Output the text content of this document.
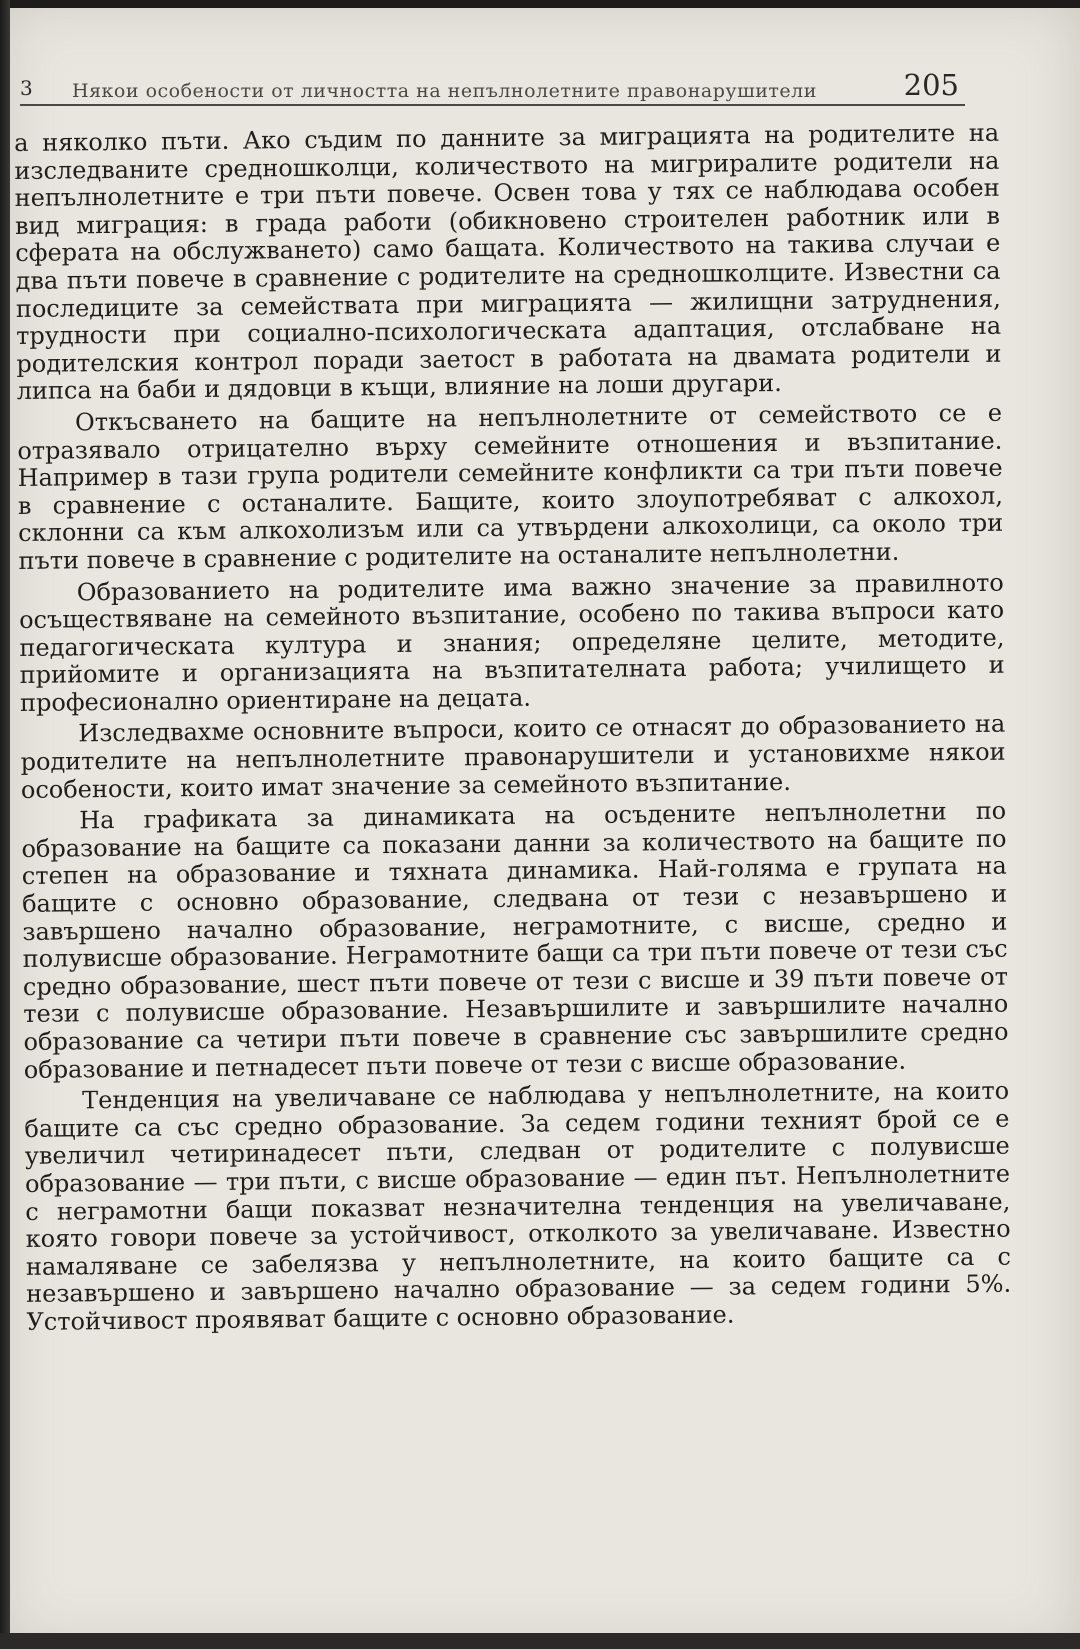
3 Някои особености от личността на непълнолетните правонарушители	205

а няколко пъти. Ако съдим по данните за миграцията на родителите на изследваните средношколци, количеството на мигриралите родители на непълнолетните е три пъти повече. Освен това у тях се наблюдава особен вид миграция: в града работи (обикновено строителен работник или в сферата на обслужването) само бащата. Количеството на такива случаи е два пъти повече в сравнение с родителите на средношколците. Известни са последиците за семействата при миграцията — жилищни затруднения, трудности при социално-психологическата адаптация, отслабване на родителския контрол поради заетост в работата на двамата родители и липса на баби и дядовци в къщи, влияние на лоши другари.

Откъсването на бащите на непълнолетните от семейството се е отразявало отрицателно върху семейните отношения и възпитание. Например в тази група родители семейните конфликти са три пъти повече в сравнение с останалите. Бащите, които злоупотребяват с алкохол, склонни са към алкохолизъм или са утвърдени алкохолици, са около три пъти повече в сравнение с родителите на останалите непълнолетни.

Образованието на родителите има важно значение за правилното осъществяване на семейното възпитание, особено по такива въпроси като педагогическата култура и знания; определяне целите, методите, прийомите и организацията на възпитателната работа; училището и професионално ориентиране на децата.

Изследвахме основните въпроси, които се отнасят до образованието на родителите на непълнолетните правонарушители и установихме някои особености, които имат значение за семейното възпитание.

На графиката за динамиката на осъдените непълнолетни по образование на бащите са показани данни за количеството на бащите по степен на образование и тяхната динамика. Най-голяма е групата на бащите с основно образование, следвана от тези с незавършено и завършено начално образование, неграмотните, с висше, средно и полувисше образование. Неграмотните бащи са три пъти повече от тези със средно образование, шест пъти повече от тези с висше и 39 пъти повече от тези с полувисше образование. Незавършилите и завършилите начално образование са четири пъти повече в сравнение със завършилите средно образование и петнадесет пъти повече от тези с висше образование.

Тенденция на увеличаване се наблюдава у непълнолетните, на които бащите са със средно образование. За седем години техният брой се е увеличил четиринадесет пъти, следван от родителите с полувисше образование — три пъти, с висше образование — един път. Непълнолетните с неграмотни бащи показват незначителна тенденция на увеличаване, която говори повече за устойчивост, отколкото за увеличаване. Известно намаляване се забелязва у непълнолетните, на които бащите са с незавършено и завършено начално образование — за седем години 5%. Устойчивост проявяват бащите с основно образование.
